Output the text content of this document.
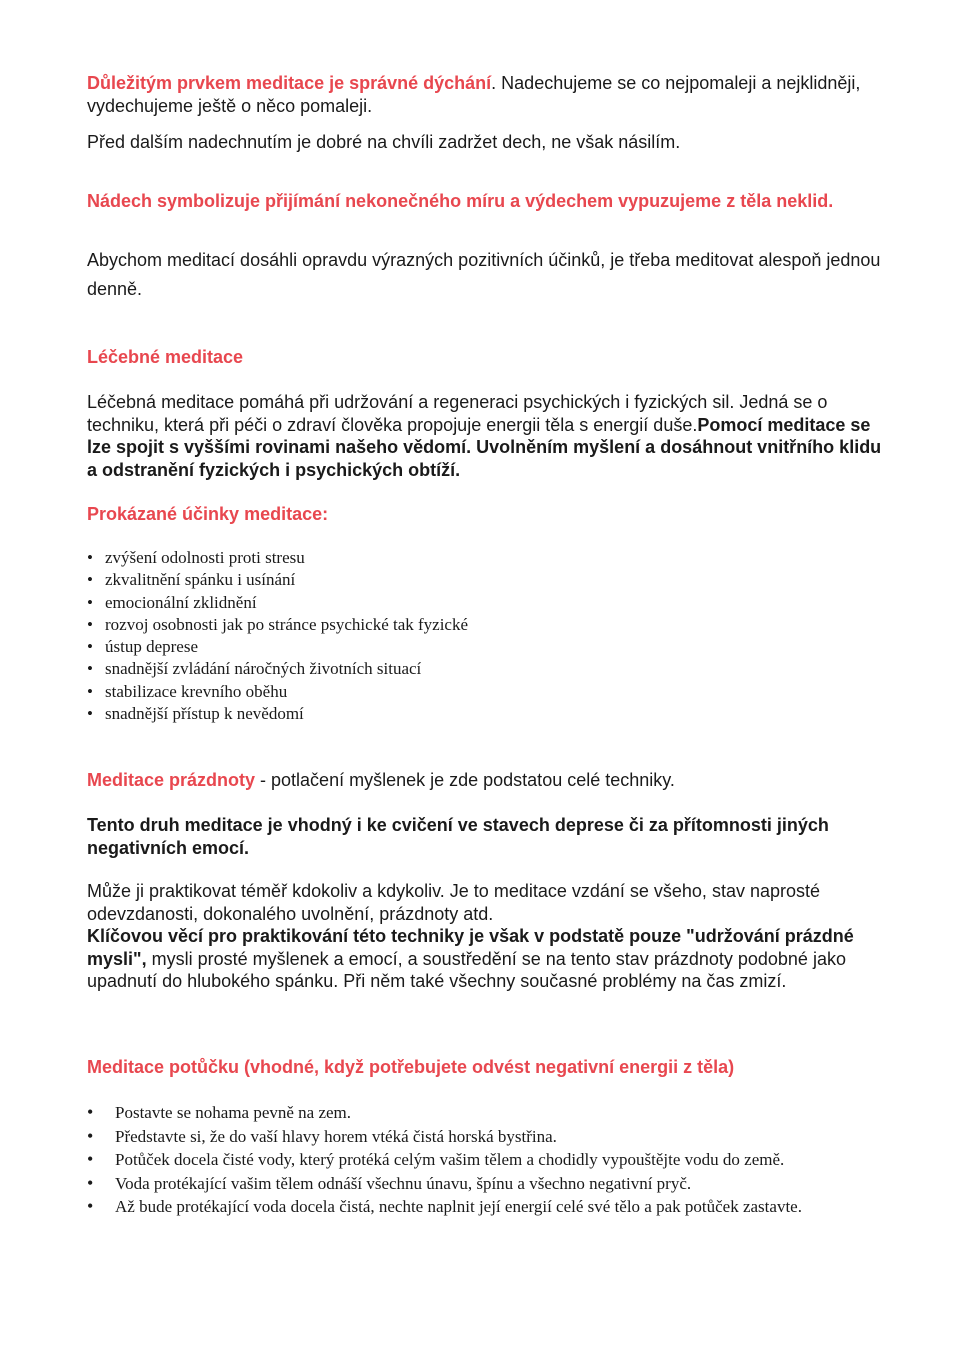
Důležitým prvkem meditace je správné dýchání. Nadechujeme se co nejpomaleji a nejklidněji, vydechujeme ještě o něco pomaleji.
Před dalším nadechnutím je dobré na chvíli zadržet dech, ne však násilím.
Nádech symbolizuje přijímání nekonečného míru a výdechem vypuzujeme z těla neklid.
Abychom meditací dosáhli opravdu výrazných pozitivních účinků, je třeba meditovat alespoň jednou denně.
Léčebné meditace
Léčebná meditace pomáhá při udržování a regeneraci psychických i fyzických sil. Jedná se o techniku, která při péči o zdraví člověka propojuje energii těla s energií duše.Pomocí meditace se lze spojit s vyššími rovinami našeho vědomí. Uvolněním myšlení a dosáhnout vnitřního klidu a odstranění fyzických i psychických obtíží.
Prokázané účinky meditace:
• zvýšení odolnosti proti stresu
• zkvalitnění spánku i usínání
• emocionální zklidnění
• rozvoj osobnosti jak po stránce psychické tak fyzické
• ústup deprese
• snadnější zvládání náročných životních situací
• stabilizace krevního oběhu
• snadnější přístup k nevědomí
Meditace prázdnoty - potlačení myšlenek je zde podstatou celé techniky.
Tento druh meditace je vhodný i ke cvičení ve stavech deprese či za přítomnosti jiných negativních emocí.
Může ji praktikovat téměř kdokoliv a kdykoliv. Je to meditace vzdání se všeho, stav naprosté odevzdanosti, dokonalého uvolnění, prázdnoty atd.
Klíčovou věcí pro praktikování této techniky je však v podstatě pouze "udržování prázdné mysli", mysli prosté myšlenek a emocí, a soustředění se na tento stav prázdnoty podobné jako upadnutí do hlubokého spánku. Při něm také všechny současné problémy na čas zmizí.
Meditace potůčku (vhodné, když potřebujete odvést negativní energii z těla)
• Postavte se nohama pevně na zem.
• Představte si, že do vaší hlavy horem vtéká čistá horská bystřina.
• Potůček docela čisté vody, který protéká celým vašim tělem a chodidly vypouštějte vodu do země.
• Voda protékající vašim tělem odnáší všechnu únavu, špínu a všechno negativní pryč.
• Až bude protékající voda docela čistá, nechte naplnit její energií celé své tělo a pak potůček zastavte.
